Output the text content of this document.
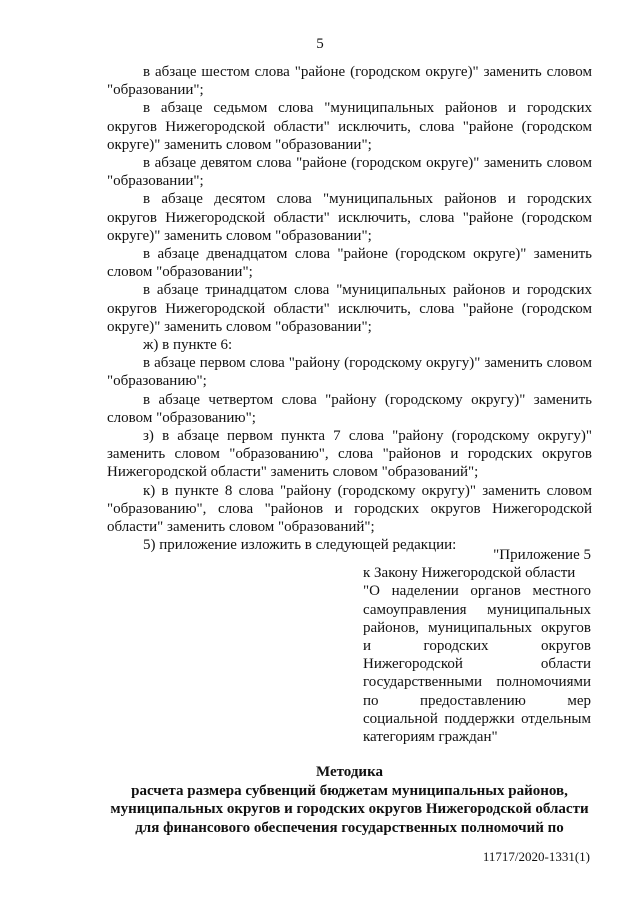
5

в абзаце шестом слова "районе (городском округе)" заменить словом "образовании";

в абзаце седьмом слова "муниципальных районов и городских округов Нижегородской области" исключить, слова "районе (городском округе)" заменить словом "образовании";

в абзаце девятом слова "районе (городском округе)" заменить словом "образовании";

в абзаце десятом слова "муниципальных районов и городских округов Нижегородской области" исключить, слова "районе (городском округе)" заменить словом "образовании";

в абзаце двенадцатом слова "районе (городском округе)" заменить словом "образовании";

в абзаце тринадцатом слова "муниципальных районов и городских округов Нижегородской области" исключить, слова "районе (городском округе)" заменить словом "образовании";

ж) в пункте 6:

в абзаце первом слова "району (городскому округу)" заменить словом "образованию";

в абзаце четвертом слова "району (городскому округу)" заменить словом "образованию";

з) в абзаце первом пункта 7 слова "району (городскому округу)" заменить словом "образованию", слова "районов и городских округов Нижегородской области" заменить словом "образований";

к) в пункте 8 слова "району (городскому округу)" заменить словом "образованию", слова "районов и городских округов Нижегородской области" заменить словом "образований";

5) приложение изложить в следующей редакции:

"Приложение 5

к Закону Нижегородской области

"О наделении органов местного самоуправления муниципальных районов, муниципальных округов и городских округов Нижегородской области государственными полномочиями по предоставлению мер социальной поддержки отдельным категориям граждан"

Методика

расчета размера субвенций бюджетам муниципальных районов,

муниципальных округов и городских округов Нижегородской области

для финансового обеспечения государственных полномочий по

11717/2020-1331(1)
